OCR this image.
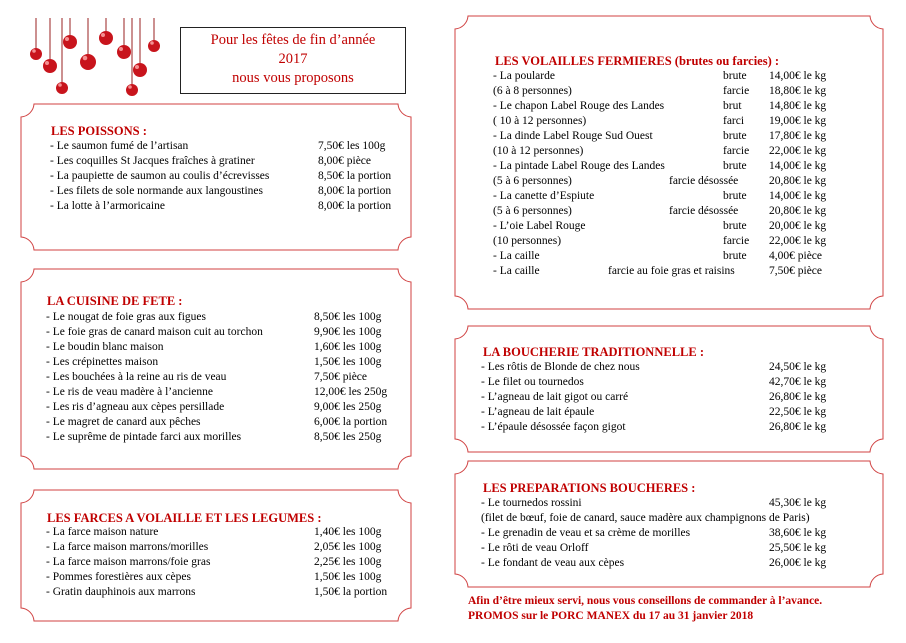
Pour les fêtes de fin d’année
2017
nous vous proposons
LES POISSONS :
- Le saumon fumé de l’artisan	7,50€ les 100g
- Les coquilles St Jacques fraîches à gratiner	8,00€ pièce
- La paupiette de saumon au coulis d’écrevisses	8,50€ la portion
- Les filets de sole normande aux langoustines	8,00€ la portion
- La lotte à l’armoricaine	8,00€ la portion
LA CUISINE DE FETE :
- Le nougat de foie gras aux figues	8,50€ les 100g
- Le foie gras de canard maison cuit au torchon	9,90€ les 100g
- Le boudin blanc maison	1,60€ les 100g
- Les crépinettes maison	1,50€ les 100g
- Les bouchées à la reine au ris de veau	7,50€ pièce
- Le ris de veau madère à l’ancienne	12,00€ les 250g
- Les ris d’agneau aux cèpes persillade	9,00€ les 250g
- Le magret de canard aux pêches	6,00€ la portion
- Le suprême de pintade farci aux morilles	8,50€ les 250g
LES FARCES A VOLAILLE ET LES LEGUMES :
- La farce maison nature	1,40€ les 100g
- La farce maison marrons/morilles	2,05€ les 100g
- La farce maison marrons/foie gras	2,25€ les 100g
- Pommes forestières aux cèpes	1,50€ les 100g
- Gratin dauphinois aux marrons	1,50€ la portion
LES VOLAILLES FERMIERES (brutes ou farcies) :
- La poularde	brute 14,00€ le kg
(6 à 8 personnes)	farcie 18,80€ le kg
- Le chapon Label Rouge des Landes	brut 14,80€ le kg
( 10 à 12 personnes)	farci 19,00€ le kg
- La dinde Label Rouge Sud Ouest	brute 17,80€ le kg
(10 à 12 personnes)	farcie 22,00€ le kg
- La pintade Label Rouge des Landes	brute 14,00€ le kg
(5 à 6 personnes)	farcie désossée	20,80€ le kg
- La canette d’Espiute	brute 14,00€ le kg
(5 à 6 personnes)	farcie désossée	20,80€ le kg
- L’oie Label Rouge	brute 20,00€ le kg
(10 personnes)	farcie 22,00€ le kg
- La caille	brute 4,00€ pièce
- La caille	farcie au foie gras et raisins	7,50€ pièce
LA BOUCHERIE TRADITIONNELLE :
- Les rôtis de Blonde de chez nous	24,50€ le kg
- Le filet ou tournedos	42,70€ le kg
- L’agneau de lait gigot ou carré	26,80€ le kg
- L’agneau de lait épaule	22,50€ le kg
- L’épaule désossée façon gigot	26,80€ le kg
LES PREPARATIONS BOUCHERES :
- Le tournedos rossini	45,30€ le kg
(filet de bœuf, foie de canard, sauce madère aux champignons de Paris)
- Le grenadin de veau et sa crème de morilles	38,60€ le kg
- Le rôti de veau Orloff	25,50€ le kg
- Le fondant de veau aux cèpes	26,00€ le kg
Afin d’être mieux servi, nous vous conseillons de commander à l’avance.
PROMOS sur le PORC MANEX du 17 au 31 janvier 2018
